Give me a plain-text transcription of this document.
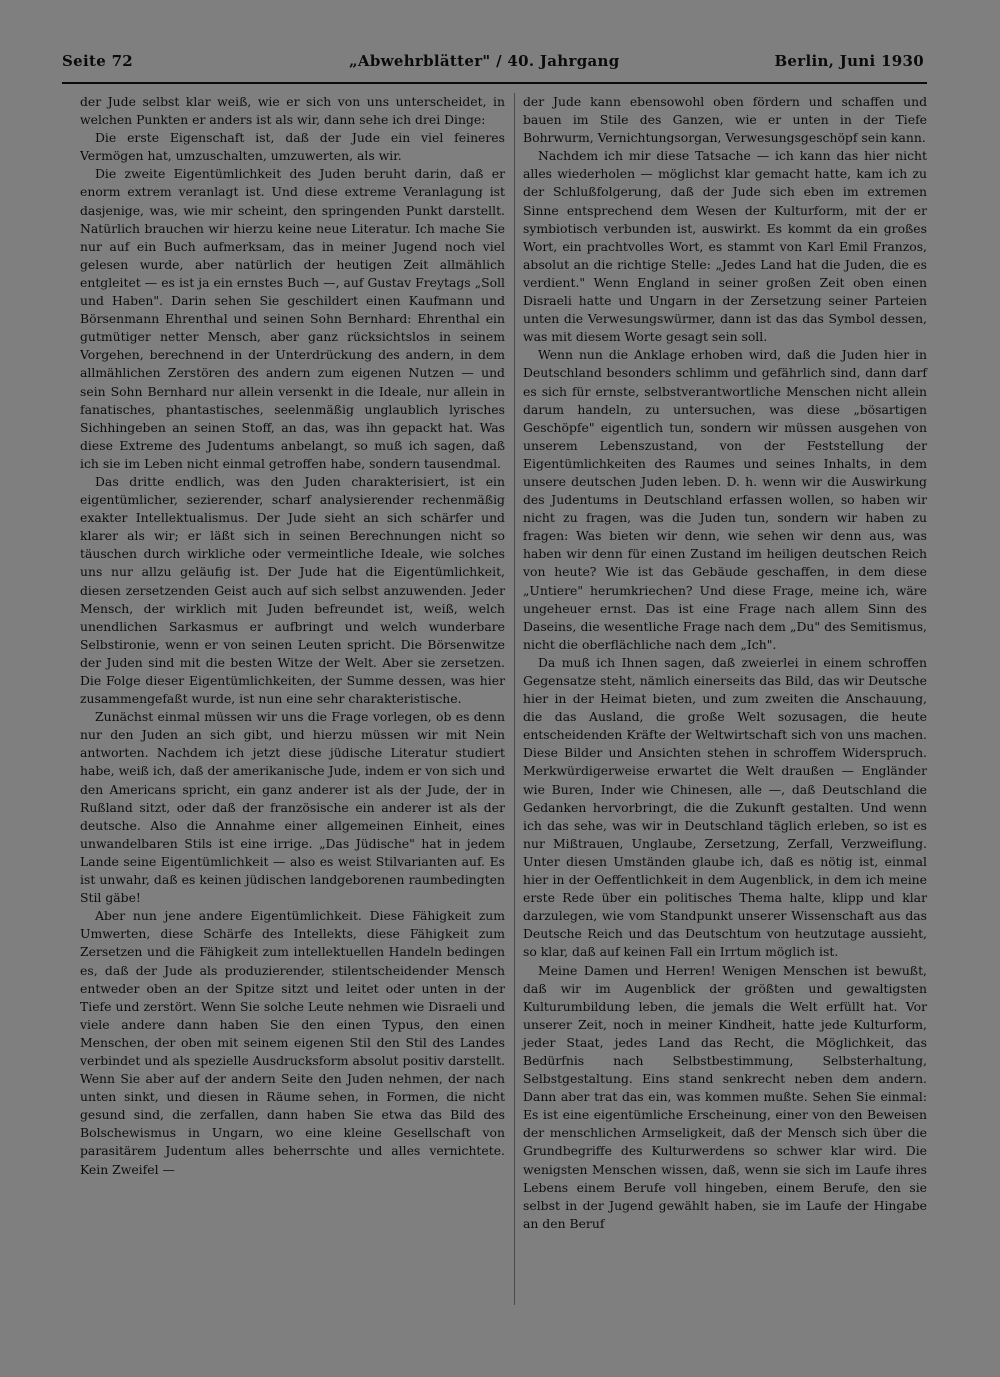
Seite 72	„Abwehrblätter" / 40. Jahrgang	Berlin, Juni 1930

der Jude selbst klar weiß, wie er sich von uns unterscheidet, in welchen Punkten er anders ist als wir, dann sehe ich drei Dinge:

Die erste Eigenschaft ist, daß der Jude ein viel feineres Vermögen hat, umzuschalten, umzuwerten, als wir.

Die zweite Eigentümlichkeit des Juden beruht darin, daß er enorm extrem veranlagt ist. Und diese extreme Veranlagung ist dasjenige, was, wie mir scheint, den springenden Punkt darstellt. Natürlich brauchen wir hierzu keine neue Literatur. Ich mache Sie nur auf ein Buch aufmerksam, das in meiner Jugend noch viel gelesen wurde, aber natürlich der heutigen Zeit allmählich entgleitet — es ist ja ein ernstes Buch —, auf Gustav Freytags „Soll und Haben". Darin sehen Sie geschildert einen Kaufmann und Börsenmann Ehrenthal und seinen Sohn Bernhard: Ehrenthal ein gutmütiger netter Mensch, aber ganz rücksichtslos in seinem Vorgehen, berechnend in der Unterdrückung des andern, in dem allmählichen Zerstören des andern zum eigenen Nutzen — und sein Sohn Bernhard nur allein versenkt in die Ideale, nur allein in fanatisches, phantastisches, seelenmäßig unglaublich lyrisches Sichhingeben an seinen Stoff, an das, was ihn gepackt hat. Was diese Extreme des Judentums anbelangt, so muß ich sagen, daß ich sie im Leben nicht einmal getroffen habe, sondern tausendmal.

Das dritte endlich, was den Juden charakterisiert, ist ein eigentümlicher, sezierender, scharf analysierender rechenmäßig exakter Intellektualismus. Der Jude sieht an sich schärfer und klarer als wir; er läßt sich in seinen Berechnungen nicht so täuschen durch wirkliche oder vermeintliche Ideale, wie solches uns nur allzu geläufig ist. Der Jude hat die Eigentümlichkeit, diesen zersetzenden Geist auch auf sich selbst anzuwenden. Jeder Mensch, der wirklich mit Juden befreundet ist, weiß, welch unendlichen Sarkasmus er aufbringt und welch wunderbare Selbstironie, wenn er von seinen Leuten spricht. Die Börsenwitze der Juden sind mit die besten Witze der Welt. Aber sie zersetzen. Die Folge dieser Eigentümlichkeiten, der Summe dessen, was hier zusammengefaßt wurde, ist nun eine sehr charakteristische.

Zunächst einmal müssen wir uns die Frage vorlegen, ob es denn nur den Juden an sich gibt, und hierzu müssen wir mit Nein antworten. Nachdem ich jetzt diese jüdische Literatur studiert habe, weiß ich, daß der amerikanische Jude, indem er von sich und den Americans spricht, ein ganz anderer ist als der Jude, der in Rußland sitzt, oder daß der französische ein anderer ist als der deutsche. Also die Annahme einer allgemeinen Einheit, eines unwandelbaren Stils ist eine irrige. „Das Jüdische" hat in jedem Lande seine Eigentümlichkeit — also es weist Stilvarianten auf. Es ist unwahr, daß es keinen jüdischen landgeborenen raumbedingten Stil gäbe!

Aber nun jene andere Eigentümlichkeit. Diese Fähigkeit zum Umwerten, diese Schärfe des Intellekts, diese Fähigkeit zum Zersetzen und die Fähigkeit zum intellektuellen Handeln bedingen es, daß der Jude als produzierender, stilentscheidender Mensch entweder oben an der Spitze sitzt und leitet oder unten in der Tiefe und zerstört. Wenn Sie solche Leute nehmen wie Disraeli und viele andere dann haben Sie den einen Typus, den einen Menschen, der oben mit seinem eigenen Stil den Stil des Landes verbindet und als spezielle Ausdrucksform absolut positiv darstellt. Wenn Sie aber auf der andern Seite den Juden nehmen, der nach unten sinkt, und diesen in Räume sehen, in Formen, die nicht gesund sind, die zerfallen, dann haben Sie etwa das Bild des Bolschewismus in Ungarn, wo eine kleine Gesellschaft von parasitärem Judentum alles beherrschte und alles vernichtete. Kein Zweifel —

der Jude kann ebensowohl oben fördern und schaffen und bauen im Stile des Ganzen, wie er unten in der Tiefe Bohrwurm, Vernichtungsorgan, Verwesungsgeschöpf sein kann.

Nachdem ich mir diese Tatsache — ich kann das hier nicht alles wiederholen — möglichst klar gemacht hatte, kam ich zu der Schlußfolgerung, daß der Jude sich eben im extremen Sinne entsprechend dem Wesen der Kulturform, mit der er symbiotisch verbunden ist, auswirkt. Es kommt da ein großes Wort, ein prachtvolles Wort, es stammt von Karl Emil Franzos, absolut an die richtige Stelle: „Jedes Land hat die Juden, die es verdient." Wenn England in seiner großen Zeit oben einen Disraeli hatte und Ungarn in der Zersetzung seiner Parteien unten die Verwesungswürmer, dann ist das das Symbol dessen, was mit diesem Worte gesagt sein soll.

Wenn nun die Anklage erhoben wird, daß die Juden hier in Deutschland besonders schlimm und gefährlich sind, dann darf es sich für ernste, selbstverantwortliche Menschen nicht allein darum handeln, zu untersuchen, was diese „bösartigen Geschöpfe" eigentlich tun, sondern wir müssen ausgehen von unserem Lebenszustand, von der Feststellung der Eigentümlichkeiten des Raumes und seines Inhalts, in dem unsere deutschen Juden leben. D. h. wenn wir die Auswirkung des Judentums in Deutschland erfassen wollen, so haben wir nicht zu fragen, was die Juden tun, sondern wir haben zu fragen: Was bieten wir denn, wie sehen wir denn aus, was haben wir denn für einen Zustand im heiligen deutschen Reich von heute? Wie ist das Gebäude geschaffen, in dem diese „Untiere" herumkriechen? Und diese Frage, meine ich, wäre ungeheuer ernst. Das ist eine Frage nach allem Sinn des Daseins, die wesentliche Frage nach dem „Du" des Semitismus, nicht die oberflächliche nach dem „Ich".

Da muß ich Ihnen sagen, daß zweierlei in einem schroffen Gegensatze steht, nämlich einerseits das Bild, das wir Deutsche hier in der Heimat bieten, und zum zweiten die Anschauung, die das Ausland, die große Welt sozusagen, die heute entscheidenden Kräfte der Weltwirtschaft sich von uns machen. Diese Bilder und Ansichten stehen in schroffem Widerspruch. Merkwürdigerweise erwartet die Welt draußen — Engländer wie Buren, Inder wie Chinesen, alle —, daß Deutschland die Gedanken hervorbringt, die die Zukunft gestalten. Und wenn ich das sehe, was wir in Deutschland täglich erleben, so ist es nur Mißtrauen, Unglaube, Zersetzung, Zerfall, Verzweiflung. Unter diesen Umständen glaube ich, daß es nötig ist, einmal hier in der Oeffentlichkeit in dem Augenblick, in dem ich meine erste Rede über ein politisches Thema halte, klipp und klar darzulegen, wie vom Standpunkt unserer Wissenschaft aus das Deutsche Reich und das Deutschtum von heutzutage aussieht, so klar, daß auf keinen Fall ein Irrtum möglich ist.

Meine Damen und Herren! Wenigen Menschen ist bewußt, daß wir im Augenblick der größten und gewaltigsten Kulturumbildung leben, die jemals die Welt erfüllt hat. Vor unserer Zeit, noch in meiner Kindheit, hatte jede Kulturform, jeder Staat, jedes Land das Recht, die Möglichkeit, das Bedürfnis nach Selbstbestimmung, Selbsterhaltung, Selbstgestaltung. Eins stand senkrecht neben dem andern. Dann aber trat das ein, was kommen mußte. Sehen Sie einmal: Es ist eine eigentümliche Erscheinung, einer von den Beweisen der menschlichen Armseligkeit, daß der Mensch sich über die Grundbegriffe des Kulturwerdens so schwer klar wird. Die wenigsten Menschen wissen, daß, wenn sie sich im Laufe ihres Lebens einem Berufe voll hingeben, einem Berufe, den sie selbst in der Jugend gewählt haben, sie im Laufe der Hingabe an den Beruf
